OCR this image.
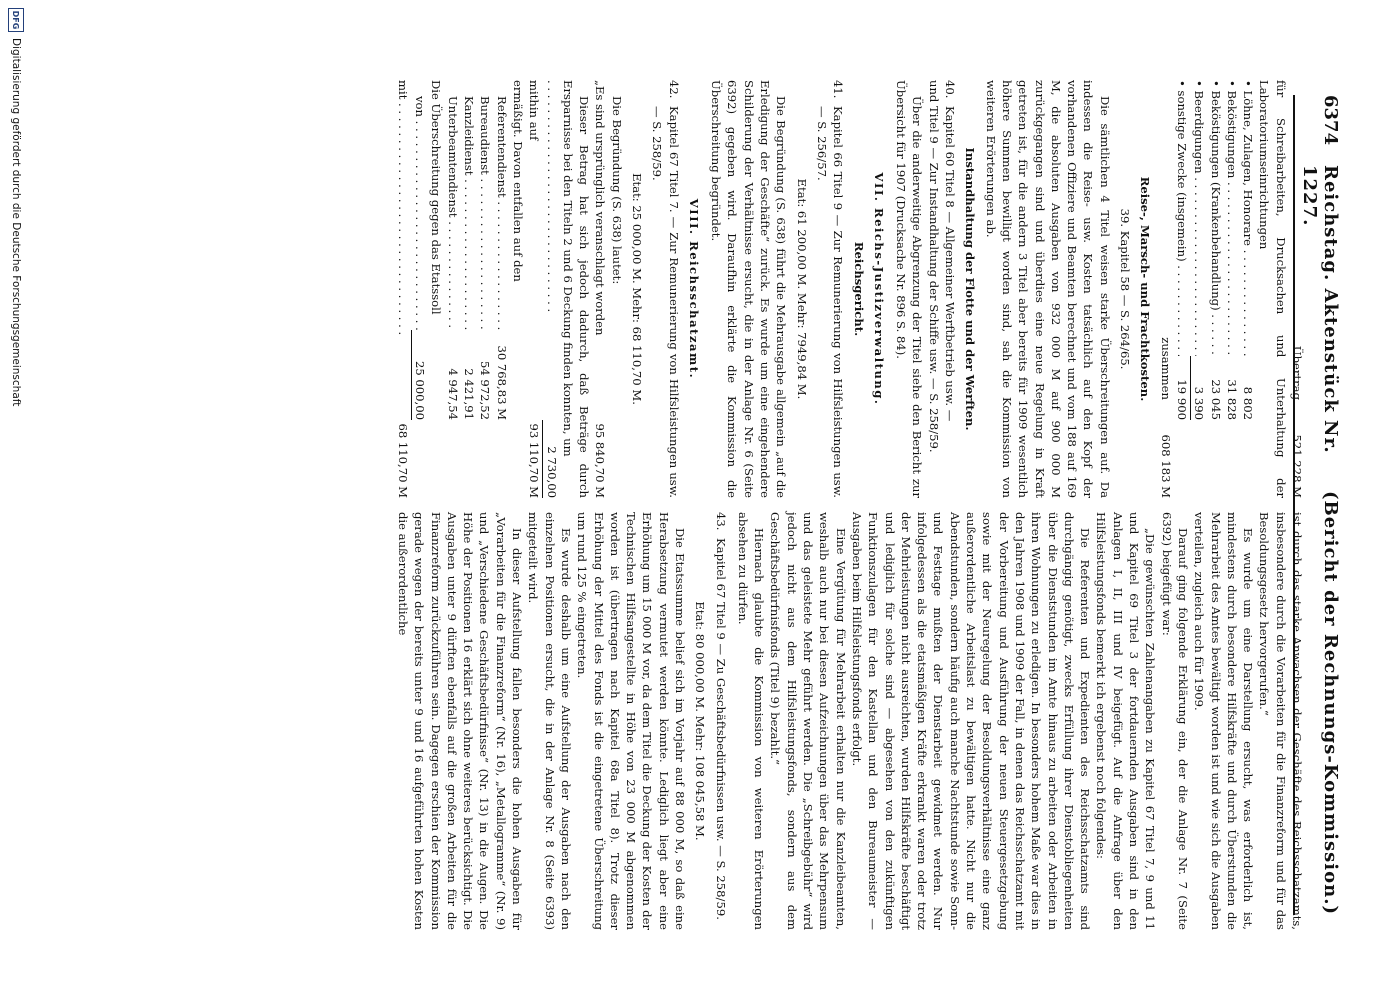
6374
Reichstag. Aktenstück Nr. 1227.
(Bericht der Rechnungs-Kommission.)
Übertrag
521 228 M

für Schreibarbeiten, Drucksachen und Unterhaltung der Laboratoriumseinrichtungen

• Löhne, Zulagen, Honorare . . .
8 802
• Beköstigungen . . .
31 828
• Beköstigungen (Krankenbehandlung) . . .
23 045
• Beerdigungen . . .
3 390
• sonstige Zwecke (insgemein) . . .
19 900
zusammen
608 183 M
Reise-, Marsch- und Frachtkosten.
39. Kapitel 58 — S. 264/65.

Die sämtlichen 4 Titel weisen starke Überschreitungen auf. Da indessen die Reise- usw. Kosten tatsächlich auf den Kopf der vorhandenen Offiziere und Beamten berechnet und vom 188 auf 169 M, die absoluten Ausgaben von 932 000 M auf 900 000 M zurückgegangen sind und überdies eine neue Regelung in Kraft getreten ist, für die andern 3 Titel aber bereits für 1909 wesentlich höhere Summen bewilligt worden sind, sah die Kommission von weiteren Erörterungen ab.

Instandhaltung der Flotte und der Werften.
40.
Kapitel 60 Titel 8 — Allgemeiner Werftbetrieb usw. —

und Titel 9 — Zur Instandhaltung der Schiffe usw. — S. 258/59.

Über die anderweitige Abgrenzung der Titel siehe den Bericht zur Übersicht für 1907 (Drucksache Nr. 896 S. 84).

VII. Reichs-Justizverwaltung.
Reichsgericht.
41.
Kapitel 66 Titel 9 — Zur Remunerierung von Hilfsleistungen usw. — S. 256/57.
Etat: 61 200,00 M. Mehr: 7949,84 M.

Die Begründung (S. 638) führt die Mehrausgabe allgemein „auf die Erledigung der Geschäfte“ zurück. Es wurde um eine eingehendere Schilderung der Verhältnisse ersucht, die in der Anlage Nr. 6 (Seite 6392) gegeben wird. Daraufhin erklärte die Kommission die Überschreitung begründet.

VIII. Reichsschatzamt.
42.
Kapitel 67 Titel 7. — Zur Remunerierung von Hilfsleistungen usw. — S. 258/59.
Etat: 25 000,00 M. Mehr: 68 110,70 M.

Die Begründung (S. 638) lautet:

„Es sind ursprünglich veranschlagt worden
95 840,70 M

Dieser Betrag hat sich jedoch dadurch, daß Beträge durch Ersparnisse bei den Titeln 2 und 6 Deckung finden konnten, um

. . .
2 730,00
mithin auf
93 110,70 M

ermäßigt. Davon entfallen auf den

Referentendienst . . .
30 768,83 M
Bureaudienst . . .
54 972,52
Kanzleidienst . . .
2 421,91
Unterbeamtendienst . . .
4 947,54

Die Überschreitung gegen das Etatssoll

von . . .
25 000,00
mit . . .
68 110,70 M

ist durch das starke Anwachsen der Geschäfte des Reichsschatzamts, insbesondere durch die Vorarbeiten für die Finanzreform und für das Besoldungsgesetz hervorgerufen.“

Es wurde um eine Darstellung ersucht, was erforderlich ist, mindestens durch besondere Hilfskräfte und durch Überstunden die Mehrarbeit des Amtes bewältigt worden ist und wie sich die Ausgaben verteilen, zugleich auch für 1909.

Darauf ging folgende Erklärung ein, der die Anlage Nr. 7 (Seite 6392) beigefügt war:

„Die gewünschten Zahlenangaben zu Kapitel 67 Titel 7, 9 und 11 und Kapitel 69 Titel 3 der fortdauernden Ausgaben sind in den Anlagen I, II, III und IV beigefügt. Auf die Anfrage über den Hilfsleistungsfonds bemerkt ich ergebenst noch folgendes:

Die Referenten und Expedienten des Reichsschatzamts sind durchgängig genötigt, zwecks Erfüllung ihrer Dienstobliegenheiten über die Dienststunden im Amte hinaus zu arbeiten oder Arbeiten in ihren Wohnungen zu erledigen. In besonders hohem Maße war dies in den Jahren 1908 und 1909 der Fall, in denen das Reichsschatzamt mit der Vorbereitung und Ausführung der neuen Steuergesetzgebung sowie mit der Neuregelung der Besoldungsverhältnisse eine ganz außerordentliche Arbeitslast zu bewältigen hatte. Nicht nur die Abendstunden, sondern häufig auch manche Nachtstunde sowie Sonn- und Festtage mußten der Dienstarbeit gewidmet werden. Nur infolgedessen als die etatsmäßigen Kräfte erkrankt waren oder trotz der Mehrleistungen nicht ausreichten, wurden Hilfskräfte beschäftigt und lediglich für solche sind — abgesehen von den zukünftigen Funktionszulagen für den Kastellan und den Bureaumeister — Ausgaben beim Hilfsleistungsfonds erfolgt.

Eine Vergütung für Mehrarbeit erhalten nur die Kanzleibeamten, weshalb auch nur bei diesen Aufzeichnungen über das Mehrpensum und das geleistete Mehr geführt werden. Die „Schreibgebühr“ wird jedoch nicht aus dem Hilfsleistungsfonds, sondern aus dem Geschäftsbedürfnisfonds (Titel 9) bezahlt.“

Hiernach glaubte die Kommission von weiteren Erörterungen absehen zu dürfen.

43.
Kapitel 67 Titel 9 — Zu Geschäftsbedürfnissen usw. — S. 258/59.
Etat: 80 000,00 M. Mehr: 108 045,58 M.

Die Etatssumme belief sich im Vorjahr auf 88 000 M, so daß eine Herabsetzung vermutet werden könnte. Lediglich liegt aber eine Erhöhung um 15 000 M vor, da dem Titel die Deckung der Kosten der Technischen Hilfsangestellte in Höhe von 23 000 M abgenommen worden ist (übertragen nach Kapitel 68a Titel 8). Trotz dieser Erhöhung der Mittel des Fonds ist die eingetretene Überschreitung um rund 125 % eingetreten.

Es wurde deshalb um eine Aufstellung der Ausgaben nach den einzelnen Positionen ersucht, die in der Anlage Nr. 8 (Seite 6393) mitgeteilt wird.

In dieser Aufstellung fallen besonders die hohen Ausgaben für „Vorarbeiten für die Finanzreform“ (Nr. 16), „Metallogramme“ (Nr. 9) und „Verschiedene Geschäftsbedürfnisse“ (Nr. 13) in die Augen. Die Höhe der Positionen 16 erklärt sich ohne weiteres berücksichtigt. Die Ausgaben unter 9 dürften ebenfalls auf die großen Arbeiten für die Finanzreform zurückzuführen sein. Dagegen erschien der Kommission gerade wegen der bereits unter 9 und 16 aufgeführten hohen Kosten die außerordentliche

DFG
Digitalisierung gefördert durch die Deutsche Forschungsgemeinschaft
